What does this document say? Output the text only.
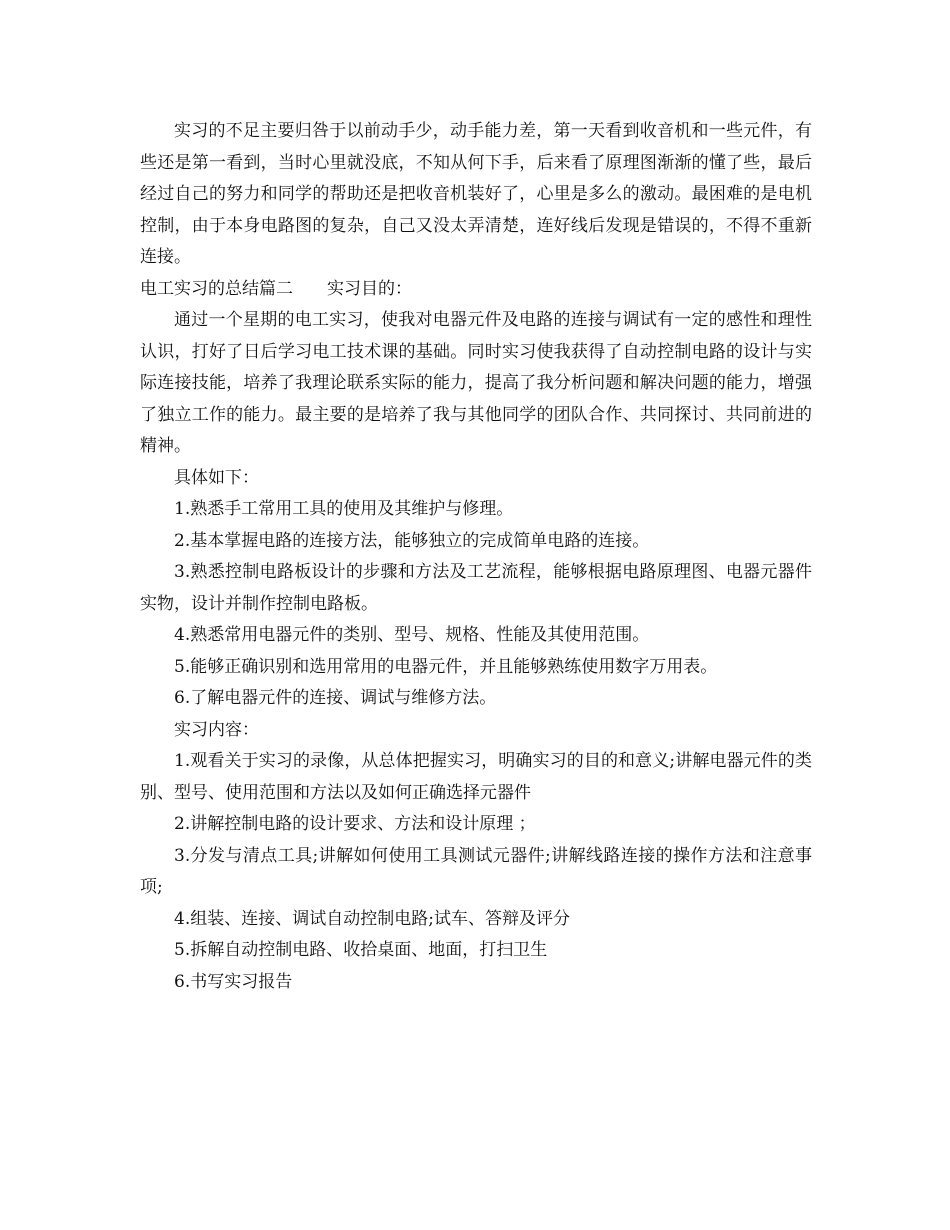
实习的不足主要归咎于以前动手少，动手能力差，第一天看到收音机和一些元件，有些还是第一看到，当时心里就没底，不知从何下手，后来看了原理图渐渐的懂了些，最后经过自己的努力和同学的帮助还是把收音机装好了，心里是多么的激动。最困难的是电机控制，由于本身电路图的复杂，自己又没太弄清楚，连好线后发现是错误的，不得不重新连接。

电工实习的总结篇二 实习目的：

通过一个星期的电工实习，使我对电器元件及电路的连接与调试有一定的感性和理性认识，打好了日后学习电工技术课的基础。同时实习使我获得了自动控制电路的设计与实际连接技能，培养了我理论联系实际的能力，提高了我分析问题和解决问题的能力，增强了独立工作的能力。最主要的是培养了我与其他同学的团队合作、共同探讨、共同前进的精神。

具体如下：

1.熟悉手工常用工具的使用及其维护与修理。

2.基本掌握电路的连接方法，能够独立的完成简单电路的连接。

3.熟悉控制电路板设计的步骤和方法及工艺流程，能够根据电路原理图、电器元器件实物，设计并制作控制电路板。

4.熟悉常用电器元件的类别、型号、规格、性能及其使用范围。

5.能够正确识别和选用常用的电器元件，并且能够熟练使用数字万用表。

6.了解电器元件的连接、调试与维修方法。

实习内容：

1.观看关于实习的录像，从总体把握实习，明确实习的目的和意义;讲解电器元件的类别、型号、使用范围和方法以及如何正确选择元器件

2.讲解控制电路的设计要求、方法和设计原理 ；

3.分发与清点工具;讲解如何使用工具测试元器件;讲解线路连接的操作方法和注意事项;

4.组装、连接、调试自动控制电路;试车、答辩及评分

5.拆解自动控制电路、收拾桌面、地面，打扫卫生

6.书写实习报告
